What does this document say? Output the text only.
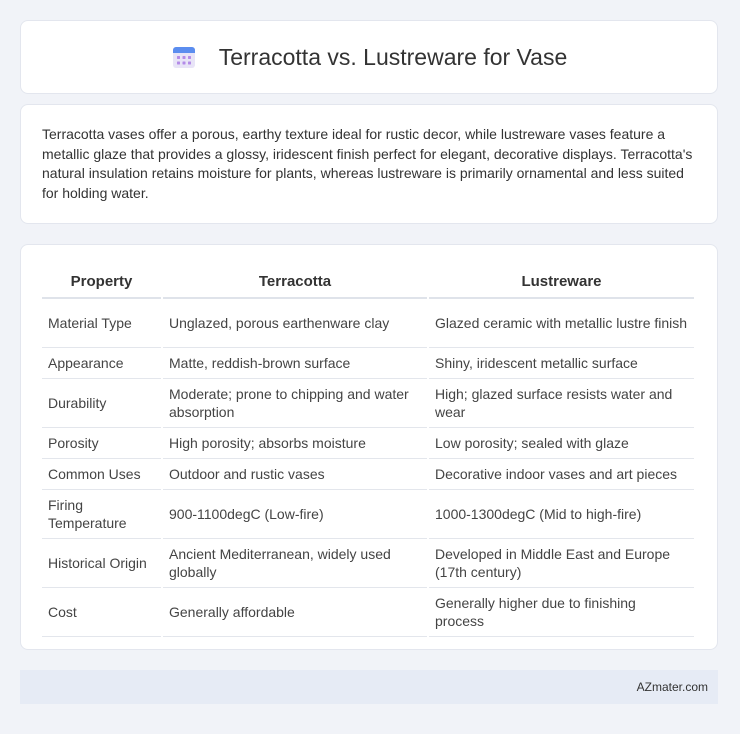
Terracotta vs. Lustreware for Vase

Terracotta vases offer a porous, earthy texture ideal for rustic decor, while lustreware vases feature a metallic glaze that provides a glossy, iridescent finish perfect for elegant, decorative displays. Terracotta's natural insulation retains moisture for plants, whereas lustreware is primarily ornamental and less suited for holding water.

Property	Terracotta	Lustreware
Material Type	Unglazed, porous earthenware clay	Glazed ceramic with metallic lustre finish
Appearance	Matte, reddish-brown surface	Shiny, iridescent metallic surface
Durability	Moderate; prone to chipping and water absorption	High; glazed surface resists water and wear
Porosity	High porosity; absorbs moisture	Low porosity; sealed with glaze
Common Uses	Outdoor and rustic vases	Decorative indoor vases and art pieces
Firing Temperature	900-1100degC (Low-fire)	1000-1300degC (Mid to high-fire)
Historical Origin	Ancient Mediterranean, widely used globally	Developed in Middle East and Europe (17th century)
Cost	Generally affordable	Generally higher due to finishing process
AZmater.com
